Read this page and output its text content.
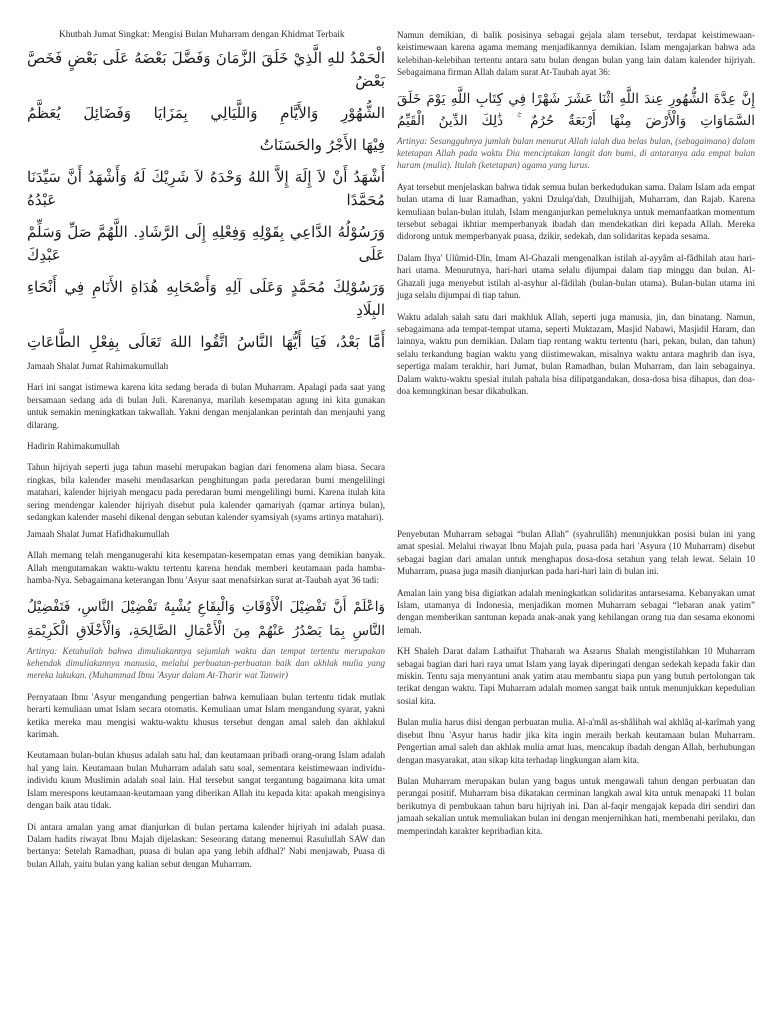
Khutbah Jumat Singkat: Mengisi Bulan Muharram dengan Khidmat Terbaik

الْحَمْدُ للهِ الَّذِيْ خَلَقَ الزَّمَانَ وَفَضَّلَ بَعْضَهُ عَلَى بَعْضٍ فَخَصَّ بَعْضُ

الشُّهُوْرِ وَالأَيَّامِ وَاللَّيَالِي بِمَزَايَا وَفَضَائِلَ يُعَظَّمُ

فِيْهَا الأَجْرُ والحَسَنَاتُ

أَشْهَدُ أَنْ لاَ إِلَهَ إِلاَّ اللهُ وَحْدَهُ لاَ شَرِيْكَ لَهُ وَأَشْهَدُ أَنَّ سَيِّدَنَا مُحَمَّدًا عَبْدُهُ

وَرَسُوْلُهُ الدَّاعِي بِقَوْلِهِ وَفِعْلِهِ إِلَى الرَّشَادِ. اللَّهُمَّ صَلِّ وَسَلِّمْ عَلَى عَبْدِكَ

وَرَسُوْلِكَ مُحَمَّدٍ وَعَلَى آلِهِ وَأَصْحَابِهِ هُدَاةِ الأَنَامِ فِي أَنْحَاءِ البِلَادِ

أَمَّا بَعْدُ، فَيَا أَيُّهَا النَّاسُ اتَّقُوا اللهَ تَعَالَى بِفِعْلِ الطَّاعَاتِ

Jamaah Shalat Jumat Rahimakumullah

Hari ini sangat istimewa karena kita sedang berada di bulan Muharram. Apalagi pada saat yang bersamaan sedang ada di bulan Juli. Karenanya, marilah kesempatan agung ini kita gunakan untuk semakin meningkatkan takwallah. Yakni dengan menjalankan perintah dan menjauhi yang dilarang.

Hadirin Rahimakumullah

Tahun hijriyah seperti juga tahun masehi merupakan bagian dari fenomena alam biasa. Secara ringkas, bila kalender masehi mendasarkan penghitungan pada peredaran bumi mengelilingi matahari, kalender hijriyah mengacu pada peredaran bumi mengelilingi bumi. Karena itulah kita sering mendengar kalender hijriyah disebut pula kalender qamariyah (qamar artinya bulan), sedangkan kalender masehi dikenal dengan sebutan kalender syamsiyah (syams artinya matahari).

Namun demikian, di balik posisinya sebagai gejala alam tersebut, terdapat keistimewaan-keistimewaan karena agama memang menjadikannya demikian. Islam mengajarkan bahwa ada kelebihan-kelebihan tertentu antara satu bulan dengan bulan yang lain dalam kalender hijriyah. Sebagaimana firman Allah dalam surat At-Taubah ayat 36:

إِنَّ عِدَّةَ الشُّهُورِ عِندَ اللَّهِ اثْنَا عَشَرَ شَهْرًا فِي كِتَابِ اللَّهِ يَوْمَ خَلَقَ

السَّمَاوَاتِ وَالْأَرْضَ مِنْهَا أَرْبَعَةٌ حُرُمٌ ۚ ذَٰلِكَ الدِّينُ الْقَيِّمُ

Artinya: Sesungguhnya jumlah bulan menurut Allah ialah dua belas bulan, (sebagaimana) dalam ketetapan Allah pada waktu Dia menciptakan langit dan bumi, di antaranya ada empat bulan haram (mulia). Itulah (ketetapan) agama yang lurus.

Ayat tersebut menjelaskan bahwa tidak semua bulan berkedudukan sama. Dalam Islam ada empat bulan utama di luar Ramadhan, yakni Dzulqa'dah, Dzulhijjah, Muharram, dan Rajab. Karena kemuliaan bulan-bulan itulah, Islam menganjurkan pemeluknya untuk memanfaatkan momentum tersebut sebagai ikhtiar memperbanyak ibadah dan mendekatkan diri kepada Allah. Mereka didorong untuk memperbanyak puasa, dzikir, sedekah, dan solidaritas kepada sesama.

Dalam Ihya' Ulûmid-Dîn, Imam Al-Ghazali mengenalkan istilah al-ayyâm al-fâdhilah atau hari-hari utama. Menurutnya, hari-hari utama selalu dijumpai dalam tiap minggu dan bulan. Al-Ghazali juga menyebut istilah al-asyhur al-fâdilah (bulan-bulan utama). Bulan-bulan utama ini juga selalu dijumpai di tiap tahun.

Waktu adalah salah satu dari makhluk Allah, seperti juga manusia, jin, dan binatang. Namun, sebagaimana ada tempat-tempat utama, seperti Muktazam, Masjid Nabawi, Masjidil Haram, dan lainnya, waktu pun demikian. Dalam tiap rentang waktu tertentu (hari, pekan, bulan, dan tahun) selalu terkandung bagian waktu yang diistimewakan, misalnya waktu antara maghrib dan isya, sepertiga malam terakhir, hari Jumat, bulan Ramadhan, bulan Muharram, dan lain sebagainya. Dalam waktu-waktu spesial itulah pahala bisa dilipatgandakan, dosa-dosa bisa dihapus, dan doa-doa kemungkinan besar dikabulkan.

Jamaah Shalat Jumat Hafidhakumullah

Allah memang telah menganugerahi kita kesempatan-kesempatan emas yang demikian banyak. Allah mengutamakan waktu-waktu tertentu karena hendak memberi keutamaan pada hamba-hamba-Nya. Sebagaimana keterangan Ibnu 'Asyur saat menafsirkan surat at-Taubah ayat 36 tadi:

وَاعْلَمْ أَنَّ تَفْضِيْلَ الْأَوْقَاتِ وَالْبِقَاعِ يُشْبِهُ تَفْضِيْلَ النَّاسِ، فَتَفْضِيْلُ

النَّاسِ بِمَا يَصْدُرُ عَنْهُمْ مِنَ الْأَعْمَالِ الصَّالِحَةِ، وَالْأَخْلَاقِ الْكَرِيْمَةِ

Artinya: Ketahuilah bahwa dimuliakannya sejumlah waktu dan tempat tertentu merupakan kehendak dimuliakannya manusia, melalui perbuatan-perbuatan baik dan akhlak mulia yang mereka lakukan. (Muhammad Ibnu 'Asyur dalam At-Tharir wat Tanwir)

Pernyataan Ibnu 'Asyur mengandung pengertian bahwa kemuliaan bulan tertentu tidak mutlak berarti kemuliaan umat Islam secara otomatis. Kemuliaan umat Islam mengandung syarat, yakni ketika mereka mau mengisi waktu-waktu khusus tersebut dengan amal saleh dan akhlakul karimah.

Keutamaan bulan-bulan khusus adalah satu hal, dan keutamaan pribadi orang-orang Islam adalah hal yang lain. Keutamaan bulan Muharram adalah satu soal, sementara keistimewaan individu-individu kaum Muslimin adalah soal lain. Hal tersebut sangat tergantung bagaimana kita umat Islam merespons keutamaan-keutamaan yang diberikan Allah itu kepada kita: apakah mengisinya dengan baik atau tidak.

Di antara amalan yang amat dianjurkan di bulan pertama kalender hijriyah ini adalah puasa. Dalam hadits riwayat Ibnu Majah dijelaskan: Seseorang datang menemui Rasulullah SAW dan bertanya: Setelah Ramadhan, puasa di bulan apa yang lebih afdhal?' Nabi menjawab, Puasa di bulan Allah, yaitu bulan yang kalian sebut dengan Muharram.

Penyebutan Muharram sebagai “bulan Allah” (syahrullâh) menunjukkan posisi bulan ini yang amat spesial. Melalui riwayat Ibnu Majah pula, puasa pada hari 'Asyura (10 Muharram) disebut sebagai bagian dari amalan untuk menghapus dosa-dosa setahun yang telah lewat. Selain 10 Muharram, puasa juga masih dianjurkan pada hari-hari lain di bulan ini.

Amalan lain yang bisa digiatkan adalah meningkatkan solidaritas antarsesama. Kebanyakan umat Islam, utamanya di Indonesia, menjadikan momen Muharram sebagai “lebaran anak yatim” dengan memberikan santunan kepada anak-anak yang kehilangan orang tua dan sesama ekonomi lemah.

KH Shaleh Darat dalam Lathaifut Thaharah wa Asrarus Shalah mengistilahkan 10 Muharram sebagai bagian dari hari raya umat Islam yang layak diperingati dengan sedekah kepada fakir dan miskin. Tentu saja menyantuni anak yatim atau membantu siapa pun yang butuh pertolongan tak terikat dengan waktu. Tapi Muharram adalah momen sangat baik untuk menunjukkan kepedulian sosial kita.

Bulan mulia harus diisi dengan perbuatan mulia. Al-a'mâl as-shâlihah wal akhlâq al-karîmah yang disebut Ibnu 'Asyur harus hadir jika kita ingin meraih berkah keutamaan bulan Muharram. Pengertian amal saleh dan akhlak mulia amat luas, mencakup ibadah dengan Allah, berhubungan dengan masyarakat, atau sikap kita terhadap lingkungan alam kita.

Bulan Muharram merupakan bulan yang bagus untuk mengawali tahun dengan perbuatan dan perangai positif. Muharram bisa dikatakan cerminan langkah awal kita untuk menapaki 11 bulan berikutnya di pembukaan tahun baru hijriyah ini. Dan al-faqir mengajak kepada diri sendiri dan jamaah sekalian untuk memuliakan bulan ini dengan menjernihkan hati, membenahi perilaku, dan memperindah karakter kepribadian kita.
